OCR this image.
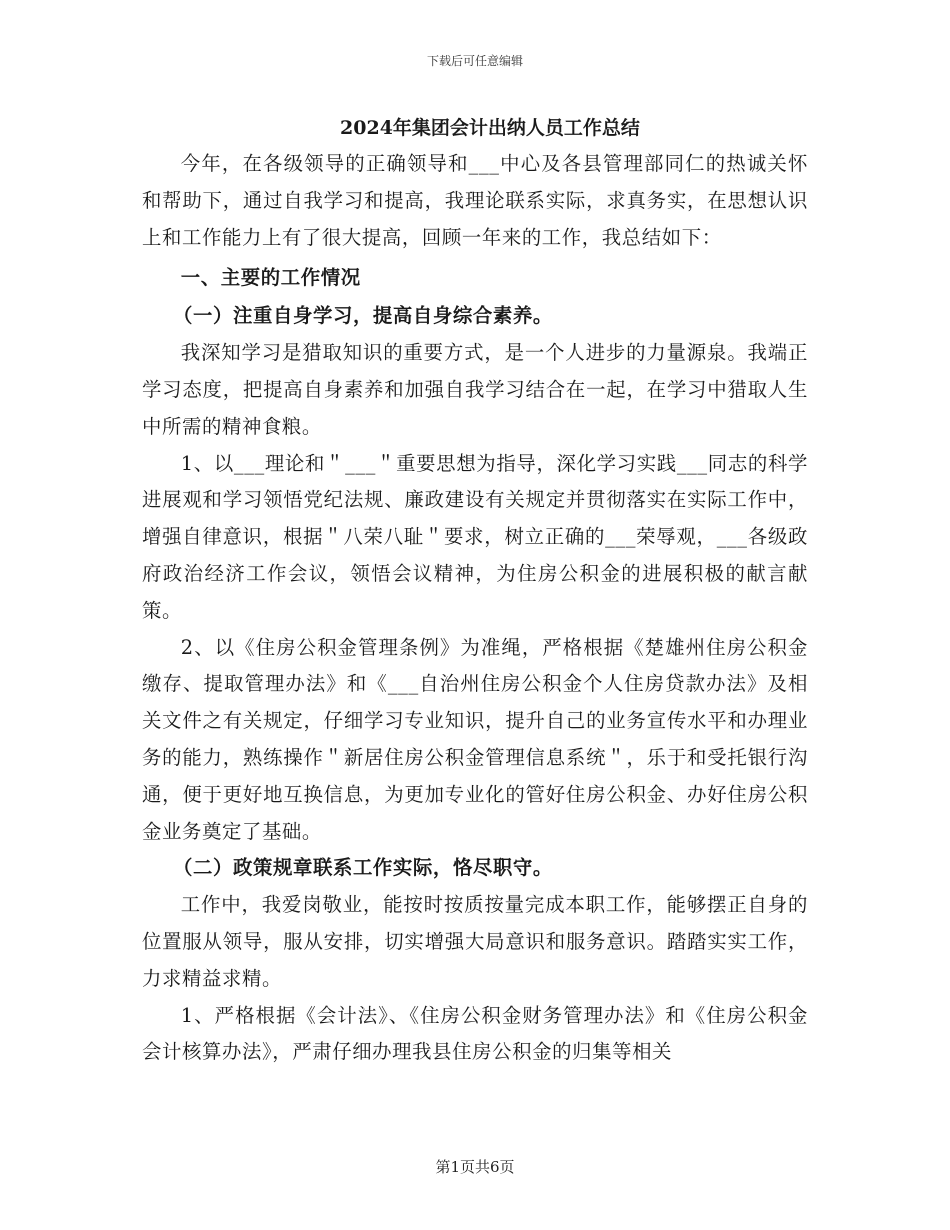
下载后可任意编辑
2024年集团会计出纳人员工作总结

今年，在各级领导的正确领导和___中心及各县管理部同仁的热诚关怀和帮助下，通过自我学习和提高，我理论联系实际，求真务实，在思想认识上和工作能力上有了很大提高，回顾一年来的工作，我总结如下：

一、主要的工作情况

（一）注重自身学习，提高自身综合素养。

我深知学习是猎取知识的重要方式，是一个人进步的力量源泉。我端正学习态度，把提高自身素养和加强自我学习结合在一起，在学习中猎取人生中所需的精神食粮。

1、以___理论和＂___＂重要思想为指导，深化学习实践___同志的科学进展观和学习领悟党纪法规、廉政建设有关规定并贯彻落实在实际工作中，增强自律意识，根据＂八荣八耻＂要求，树立正确的___荣辱观，___各级政府政治经济工作会议，领悟会议精神，为住房公积金的进展积极的献言献策。

2、以《住房公积金管理条例》为准绳，严格根据《楚雄州住房公积金缴存、提取管理办法》和《___自治州住房公积金个人住房贷款办法》及相关文件之有关规定，仔细学习专业知识，提升自己的业务宣传水平和办理业务的能力，熟练操作＂新居住房公积金管理信息系统＂，乐于和受托银行沟通，便于更好地互换信息，为更加专业化的管好住房公积金、办好住房公积金业务奠定了基础。

（二）政策规章联系工作实际，恪尽职守。

工作中，我爱岗敬业，能按时按质按量完成本职工作，能够摆正自身的位置服从领导，服从安排，切实增强大局意识和服务意识。踏踏实实工作，力求精益求精。

1、严格根据《会计法》、《住房公积金财务管理办法》和《住房公积金会计核算办法》，严肃仔细办理我县住房公积金的归集等相关

第1页共6页
